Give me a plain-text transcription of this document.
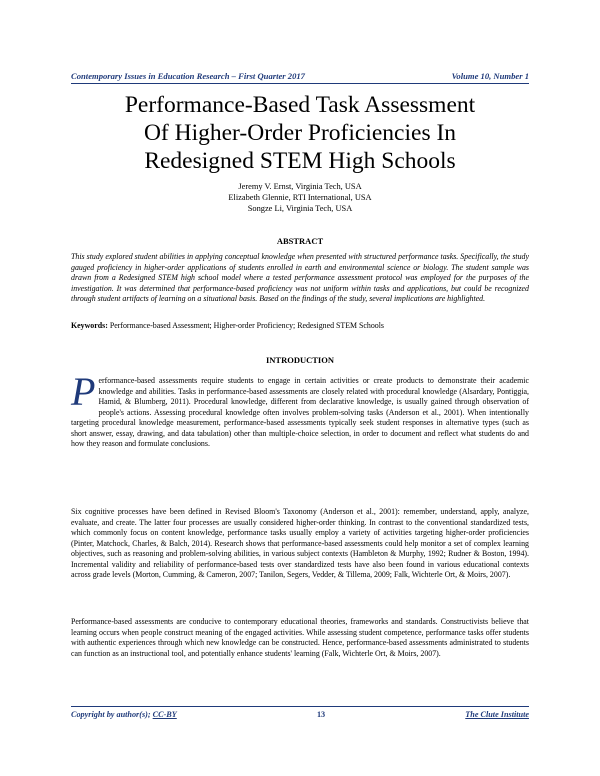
Contemporary Issues in Education Research – First Quarter 2017	Volume 10, Number 1
Performance-Based Task Assessment
Of Higher-Order Proficiencies In
Redesigned STEM High Schools
Jeremy V. Ernst, Virginia Tech, USA
Elizabeth Glennie, RTI International, USA
Songze Li, Virginia Tech, USA
ABSTRACT

This study explored student abilities in applying conceptual knowledge when presented with structured performance tasks. Specifically, the study gauged proficiency in higher-order applications of students enrolled in earth and environmental science or biology. The student sample was drawn from a Redesigned STEM high school model where a tested performance assessment protocol was employed for the purposes of the investigation. It was determined that performance-based proficiency was not uniform within tasks and applications, but could be recognized through student artifacts of learning on a situational basis. Based on the findings of the study, several implications are highlighted.

Keywords: Performance-based Assessment; Higher-order Proficiency; Redesigned STEM Schools

INTRODUCTION

Performance-based assessments require students to engage in certain activities or create products to demonstrate their academic knowledge and abilities. Tasks in performance-based assessments are closely related with procedural knowledge (Alsardary, Pontiggia, Hamid, & Blumberg, 2011). Procedural knowledge, different from declarative knowledge, is usually gained through observation of people's actions. Assessing procedural knowledge often involves problem-solving tasks (Anderson et al., 2001). When intentionally targeting procedural knowledge measurement, performance-based assessments typically seek student responses in alternative types (such as short answer, essay, drawing, and data tabulation) other than multiple-choice selection, in order to document and reflect what students do and how they reason and formulate conclusions.

Six cognitive processes have been defined in Revised Bloom's Taxonomy (Anderson et al., 2001): remember, understand, apply, analyze, evaluate, and create. The latter four processes are usually considered higher-order thinking. In contrast to the conventional standardized tests, which commonly focus on content knowledge, performance tasks usually employ a variety of activities targeting higher-order proficiencies (Pinter, Matchock, Charles, & Balch, 2014). Research shows that performance-based assessments could help monitor a set of complex learning objectives, such as reasoning and problem-solving abilities, in various subject contexts (Hambleton & Murphy, 1992; Rudner & Boston, 1994). Incremental validity and reliability of performance-based tests over standardized tests have also been found in various educational contexts across grade levels (Morton, Cumming, & Cameron, 2007; Tanilon, Segers, Vedder, & Tillema, 2009; Falk, Wichterle Ort, & Moirs, 2007).

Performance-based assessments are conducive to contemporary educational theories, frameworks and standards. Constructivists believe that learning occurs when people construct meaning of the engaged activities. While assessing student competence, performance tasks offer students with authentic experiences through which new knowledge can be constructed. Hence, performance-based assessments administrated to students can function as an instructional tool, and potentially enhance students' learning (Falk, Wichterle Ort, & Moirs, 2007).

Copyright by author(s); CC-BY	13	The Clute Institute
